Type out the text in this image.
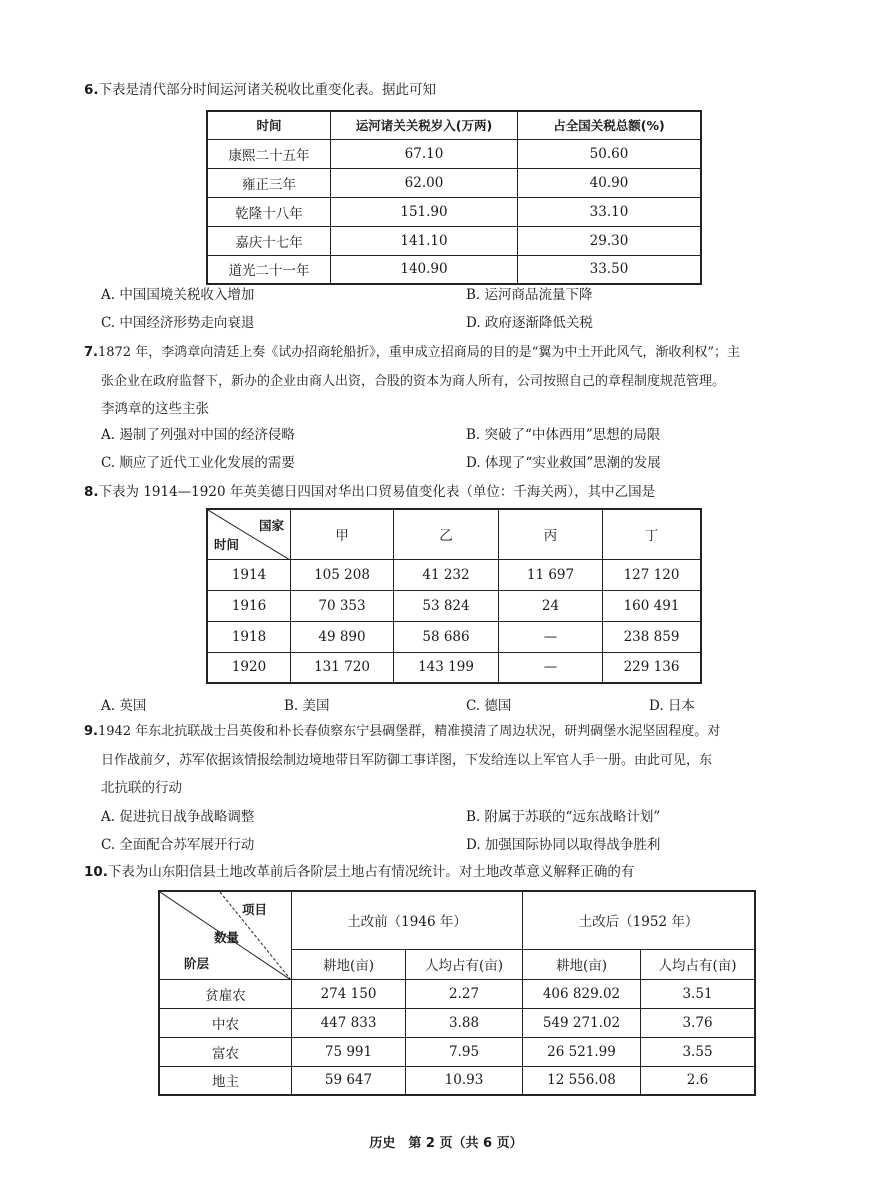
6.下表是清代部分时间运河诸关税收比重变化表。据此可知
时间	运河诸关关税岁入(万两)	占全国关税总额(%)
康熙二十五年	67.10	50.60
雍正三年	62.00	40.90
乾隆十八年	151.90	33.10
嘉庆十七年	141.10	29.30
道光二十一年	140.90	33.50
A. 中国国境关税收入增加	B. 运河商品流量下降
C. 中国经济形势走向衰退	D. 政府逐渐降低关税
7.1872 年，李鸿章向清廷上奏《试办招商轮船折》，重申成立招商局的目的是“翼为中土开此风气，渐收利权”；主
张企业在政府监督下，新办的企业由商人出资，合股的资本为商人所有，公司按照自己的章程制度规范管理。
李鸿章的这些主张
A. 遏制了列强对中国的经济侵略	B. 突破了“中体西用”思想的局限
C. 顺应了近代工业化发展的需要	D. 体现了“实业救国”思潮的发展
8.下表为 1914—1920 年英美德日四国对华出口贸易值变化表（单位：千海关两），其中乙国是
国家
时间	甲	乙	丙	丁
1914	105 208	41 232	11 697	127 120
1916	70 353	53 824	24	160 491
1918	49 890	58 686	—	238 859
1920	131 720	143 199	—	229 136
A. 英国	B. 美国	C. 德国	D. 日本
9.1942 年东北抗联战士吕英俊和朴长春侦察东宁县碉堡群，精准摸清了周边状况，研判碉堡水泥坚固程度。对
日作战前夕，苏军依据该情报绘制边境地带日军防御工事详图，下发给连以上军官人手一册。由此可见，东
北抗联的行动
A. 促进抗日战争战略调整	B. 附属于苏联的“远东战略计划”
C. 全面配合苏军展开行动	D. 加强国际协同以取得战争胜利
10.下表为山东阳信县土地改革前后各阶层土地占有情况统计。对土地改革意义解释正确的有
项目
数量
阶层	土改前（1946 年）		土改后（1952 年）	
	耕地(亩)	人均占有(亩)	耕地(亩)	人均占有(亩)
贫雇农	274 150	2.27	406 829.02	3.51
中农	447 833	3.88	549 271.02	3.76
富农	75 991	7.95	26 521.99	3.55
地主	59 647	10.93	12 556.08	2.6
历史　第 2 页（共 6 页）
